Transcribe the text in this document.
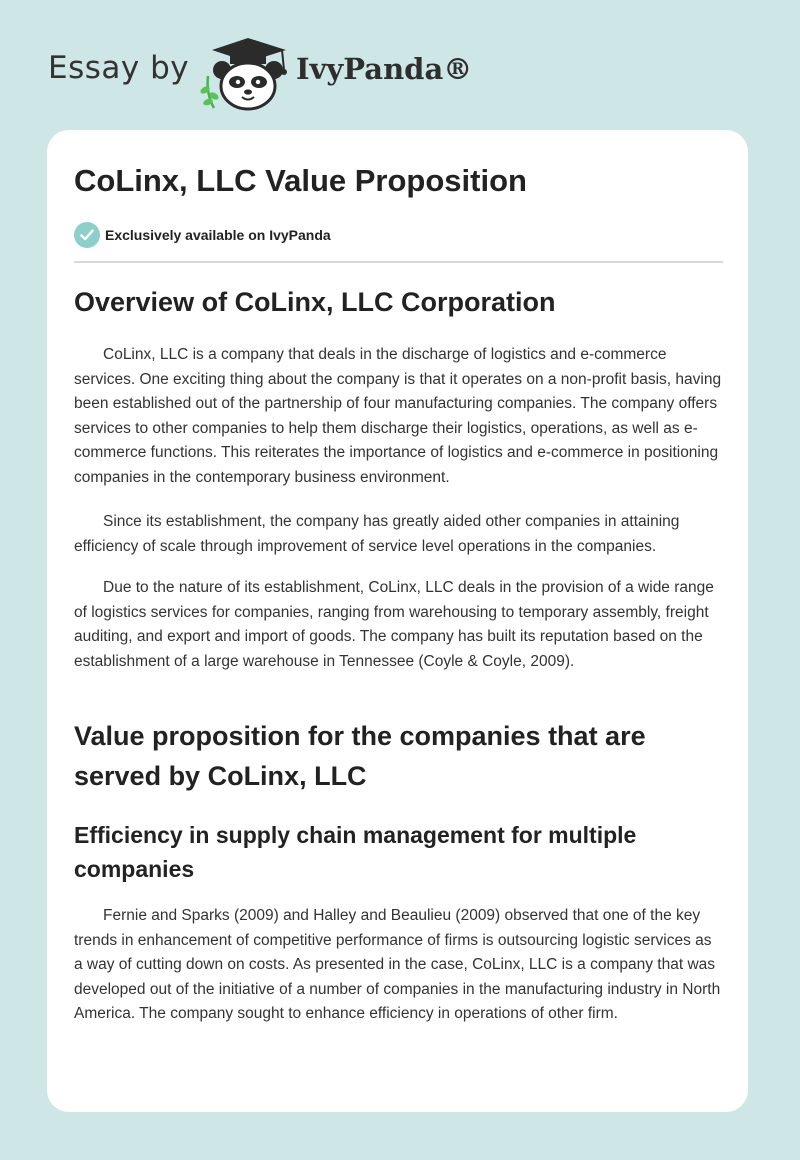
Essay by	IvyPanda®
CoLinx, LLC Value Proposition
Exclusively available on IvyPanda
Overview of CoLinx, LLC Corporation

CoLinx, LLC is a company that deals in the discharge of logistics and e-commerce services. One exciting thing about the company is that it operates on a non-profit basis, having been established out of the partnership of four manufacturing companies. The company offers services to other companies to help them discharge their logistics, operations, as well as e-commerce functions. This reiterates the importance of logistics and e-commerce in positioning companies in the contemporary business environment.

Since its establishment, the company has greatly aided other companies in attaining efficiency of scale through improvement of service level operations in the companies.

Due to the nature of its establishment, CoLinx, LLC deals in the provision of a wide range of logistics services for companies, ranging from warehousing to temporary assembly, freight auditing, and export and import of goods. The company has built its reputation based on the establishment of a large warehouse in Tennessee (Coyle & Coyle, 2009).

Value proposition for the companies that are served by CoLinx, LLC
Efficiency in supply chain management for multiple companies

Fernie and Sparks (2009) and Halley and Beaulieu (2009) observed that one of the key trends in enhancement of competitive performance of firms is outsourcing logistic services as a way of cutting down on costs. As presented in the case, CoLinx, LLC is a company that was developed out of the initiative of a number of companies in the manufacturing industry in North America. The company sought to enhance efficiency in operations of other firm.
